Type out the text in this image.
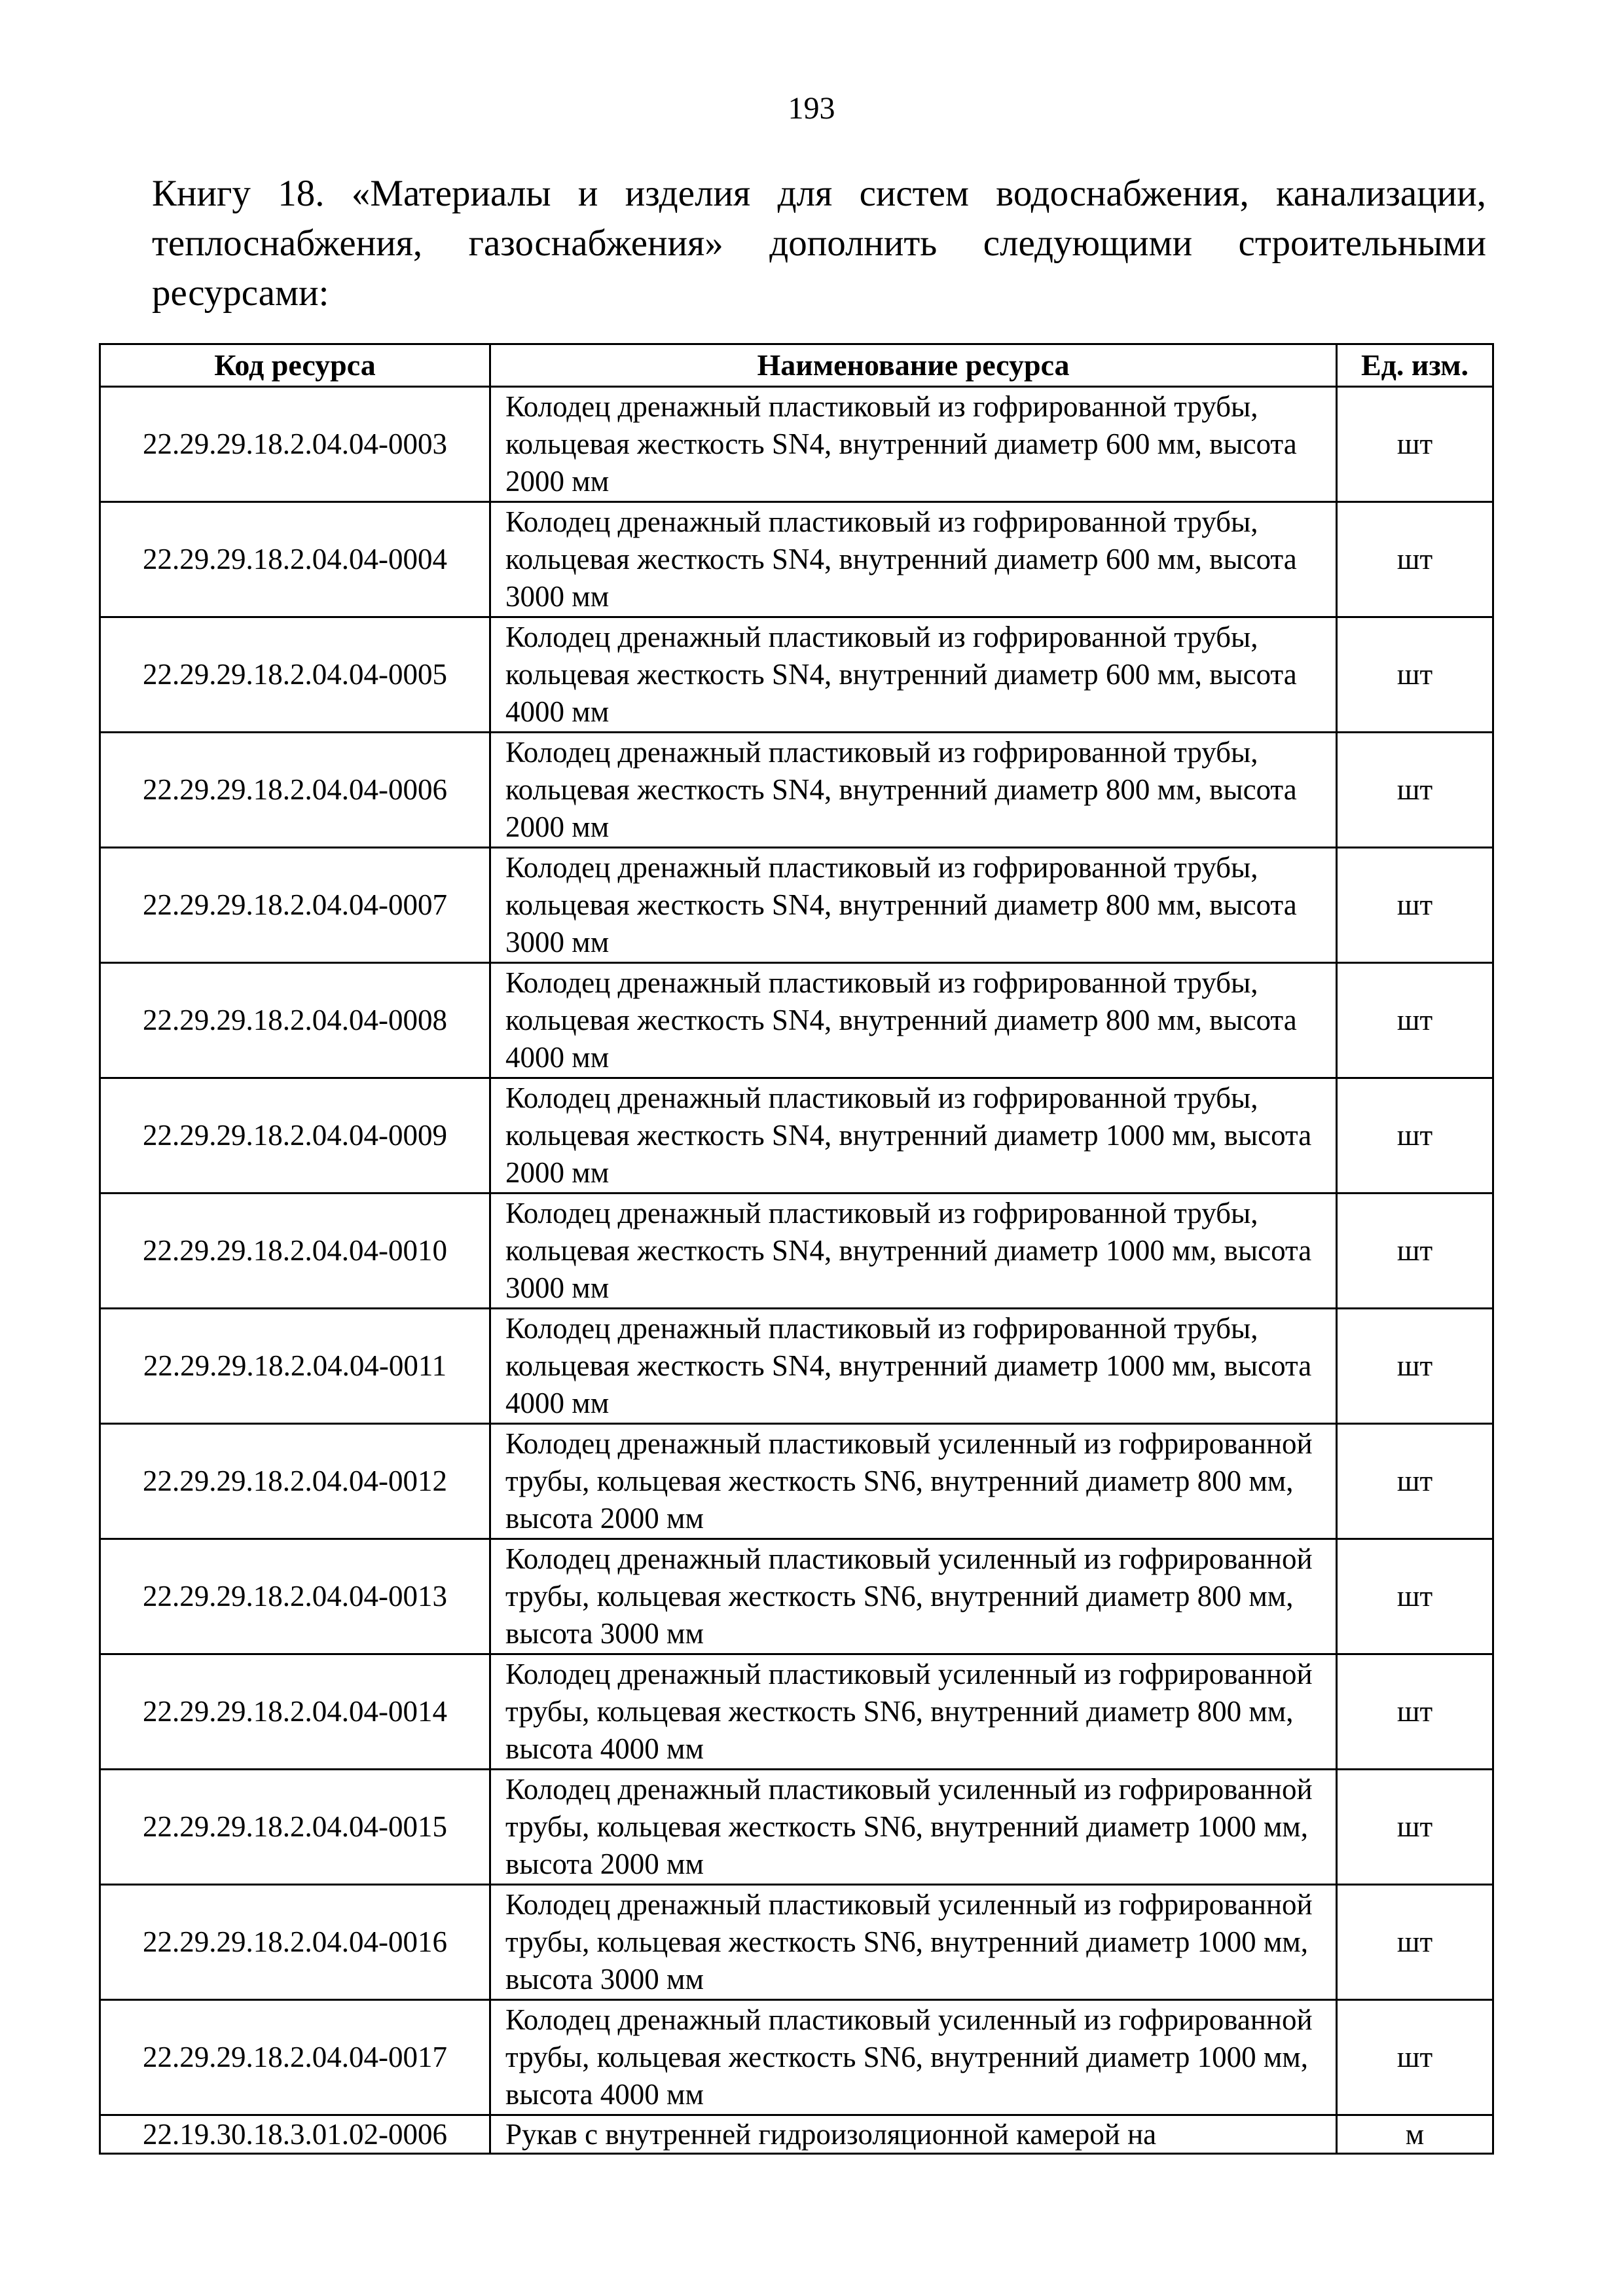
193
Книгу 18. «Материалы и изделия для систем водоснабжения, канализации,
теплоснабжения, газоснабжения» дополнить следующими строительными
ресурсами:
Код ресурса	Наименование ресурса	Ед. изм.
22.29.29.18.2.04.04-0003	Колодец дренажный пластиковый из гофрированной трубы, кольцевая жесткость SN4, внутренний диаметр 600 мм, высота 2000 мм	шт
22.29.29.18.2.04.04-0004	Колодец дренажный пластиковый из гофрированной трубы, кольцевая жесткость SN4, внутренний диаметр 600 мм, высота 3000 мм	шт
22.29.29.18.2.04.04-0005	Колодец дренажный пластиковый из гофрированной трубы, кольцевая жесткость SN4, внутренний диаметр 600 мм, высота 4000 мм	шт
22.29.29.18.2.04.04-0006	Колодец дренажный пластиковый из гофрированной трубы, кольцевая жесткость SN4, внутренний диаметр 800 мм, высота 2000 мм	шт
22.29.29.18.2.04.04-0007	Колодец дренажный пластиковый из гофрированной трубы, кольцевая жесткость SN4, внутренний диаметр 800 мм, высота 3000 мм	шт
22.29.29.18.2.04.04-0008	Колодец дренажный пластиковый из гофрированной трубы, кольцевая жесткость SN4, внутренний диаметр 800 мм, высота 4000 мм	шт
22.29.29.18.2.04.04-0009	Колодец дренажный пластиковый из гофрированной трубы, кольцевая жесткость SN4, внутренний диаметр 1000 мм, высота 2000 мм	шт
22.29.29.18.2.04.04-0010	Колодец дренажный пластиковый из гофрированной трубы, кольцевая жесткость SN4, внутренний диаметр 1000 мм, высота 3000 мм	шт
22.29.29.18.2.04.04-0011	Колодец дренажный пластиковый из гофрированной трубы, кольцевая жесткость SN4, внутренний диаметр 1000 мм, высота 4000 мм	шт
22.29.29.18.2.04.04-0012	Колодец дренажный пластиковый усиленный из гофрированной трубы, кольцевая жесткость SN6, внутренний диаметр 800 мм, высота 2000 мм	шт
22.29.29.18.2.04.04-0013	Колодец дренажный пластиковый усиленный из гофрированной трубы, кольцевая жесткость SN6, внутренний диаметр 800 мм, высота 3000 мм	шт
22.29.29.18.2.04.04-0014	Колодец дренажный пластиковый усиленный из гофрированной трубы, кольцевая жесткость SN6, внутренний диаметр 800 мм, высота 4000 мм	шт
22.29.29.18.2.04.04-0015	Колодец дренажный пластиковый усиленный из гофрированной трубы, кольцевая жесткость SN6, внутренний диаметр 1000 мм, высота 2000 мм	шт
22.29.29.18.2.04.04-0016	Колодец дренажный пластиковый усиленный из гофрированной трубы, кольцевая жесткость SN6, внутренний диаметр 1000 мм, высота 3000 мм	шт
22.29.29.18.2.04.04-0017	Колодец дренажный пластиковый усиленный из гофрированной трубы, кольцевая жесткость SN6, внутренний диаметр 1000 мм, высота 4000 мм	шт
22.19.30.18.3.01.02-0006	Рукав с внутренней гидроизоляционной камерой на	м
